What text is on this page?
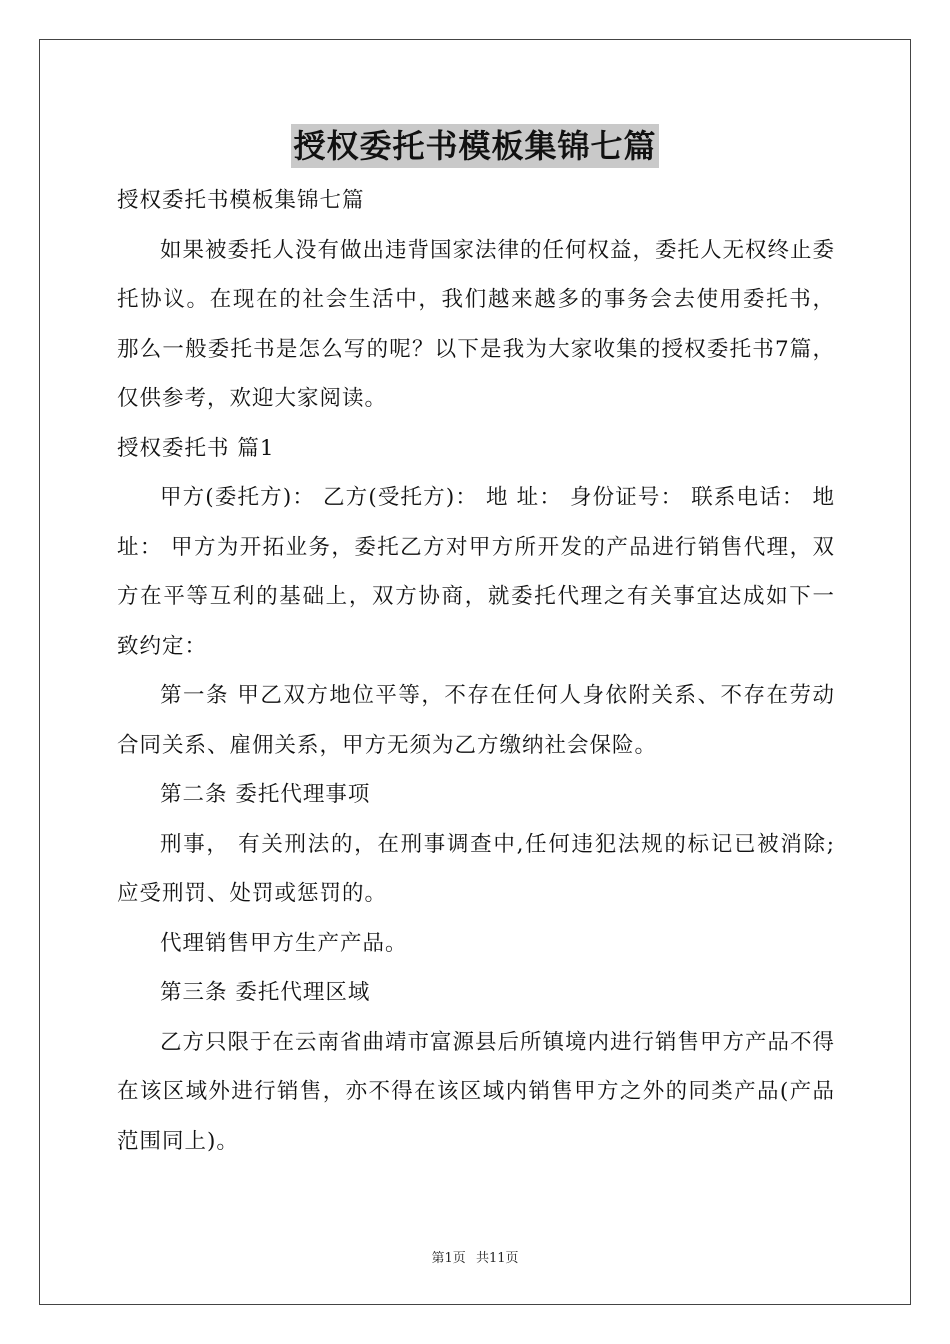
授权委托书模板集锦七篇

授权委托书模板集锦七篇

如果被委托人没有做出违背国家法律的任何权益，委托人无权终止委托协议。在现在的社会生活中，我们越来越多的事务会去使用委托书，那么一般委托书是怎么写的呢？以下是我为大家收集的授权委托书7篇，仅供参考，欢迎大家阅读。

授权委托书 篇1

甲方(委托方)： 乙方(受托方)： 地 址： 身份证号： 联系电话： 地 址： 甲方为开拓业务，委托乙方对甲方所开发的产品进行销售代理，双方在平等互利的基础上，双方协商，就委托代理之有关事宜达成如下一致约定：

第一条 甲乙双方地位平等，不存在任何人身依附关系、不存在劳动合同关系、雇佣关系，甲方无须为乙方缴纳社会保险。

第二条 委托代理事项

刑事， 有关刑法的，在刑事调查中,任何违犯法规的标记已被消除;应受刑罚、处罚或惩罚的。

代理销售甲方生产产品。

第三条 委托代理区域

乙方只限于在云南省曲靖市富源县后所镇境内进行销售甲方产品不得在该区域外进行销售，亦不得在该区域内销售甲方之外的同类产品(产品范围同上)。

第1页 共11页
